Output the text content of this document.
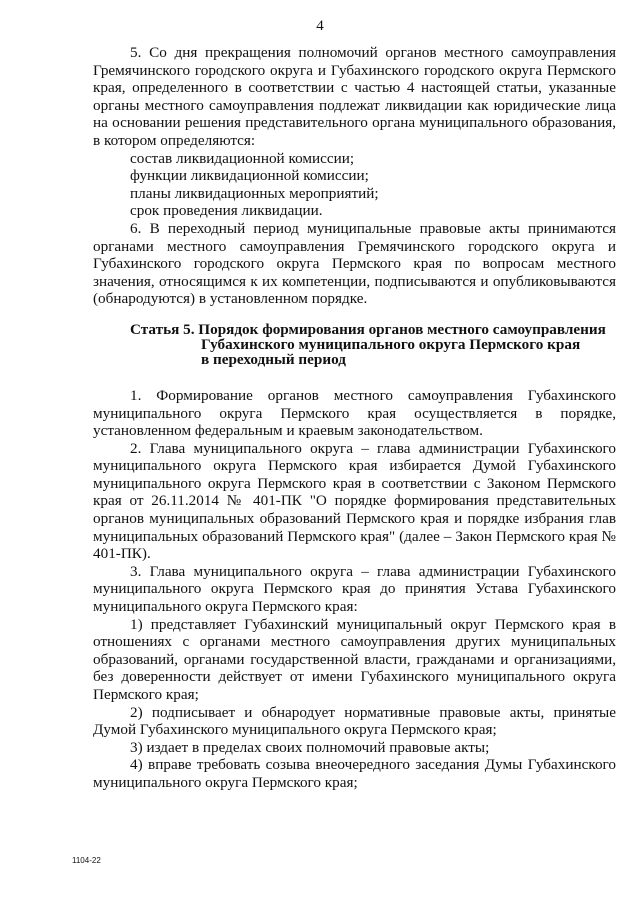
4

5. Со дня прекращения полномочий органов местного самоуправления Гремячинского городского округа и Губахинского городского округа Пермского края, определенного в соответствии с частью 4 настоящей статьи, указанные органы местного самоуправления подлежат ликвидации как юридические лица на основании решения представительного органа муниципального образования, в котором определяются:

состав ликвидационной комиссии;

функции ликвидационной комиссии;

планы ликвидационных мероприятий;

срок проведения ликвидации.

6. В переходный период муниципальные правовые акты принимаются органами местного самоуправления Гремячинского городского округа и Губахинского городского округа Пермского края по вопросам местного значения, относящимся к их компетенции, подписываются и опубликовываются (обнародуются) в установленном порядке.

Статья 5. Порядок формирования органов местного самоуправления
Губахинского муниципального округа Пермского края
в переходный период

1. Формирование органов местного самоуправления Губахинского муниципального округа Пермского края осуществляется в порядке, установленном федеральным и краевым законодательством.

2. Глава муниципального округа – глава администрации Губахинского муниципального округа Пермского края избирается Думой Губахинского муниципального округа Пермского края в соответствии с Законом Пермского края от 26.11.2014 № 401-ПК "О порядке формирования представительных органов муниципальных образований Пермского края и порядке избрания глав муниципальных образований Пермского края" (далее – Закон Пермского края № 401-ПК).

3. Глава муниципального округа – глава администрации Губахинского муниципального округа Пермского края до принятия Устава Губахинского муниципального округа Пермского края:

1) представляет Губахинский муниципальный округ Пермского края в отношениях с органами местного самоуправления других муниципальных образований, органами государственной власти, гражданами и организациями, без доверенности действует от имени Губахинского муниципального округа Пермского края;

2) подписывает и обнародует нормативные правовые акты, принятые Думой Губахинского муниципального округа Пермского края;

3) издает в пределах своих полномочий правовые акты;

4) вправе требовать созыва внеочередного заседания Думы Губахинского муниципального округа Пермского края;

1104-22
